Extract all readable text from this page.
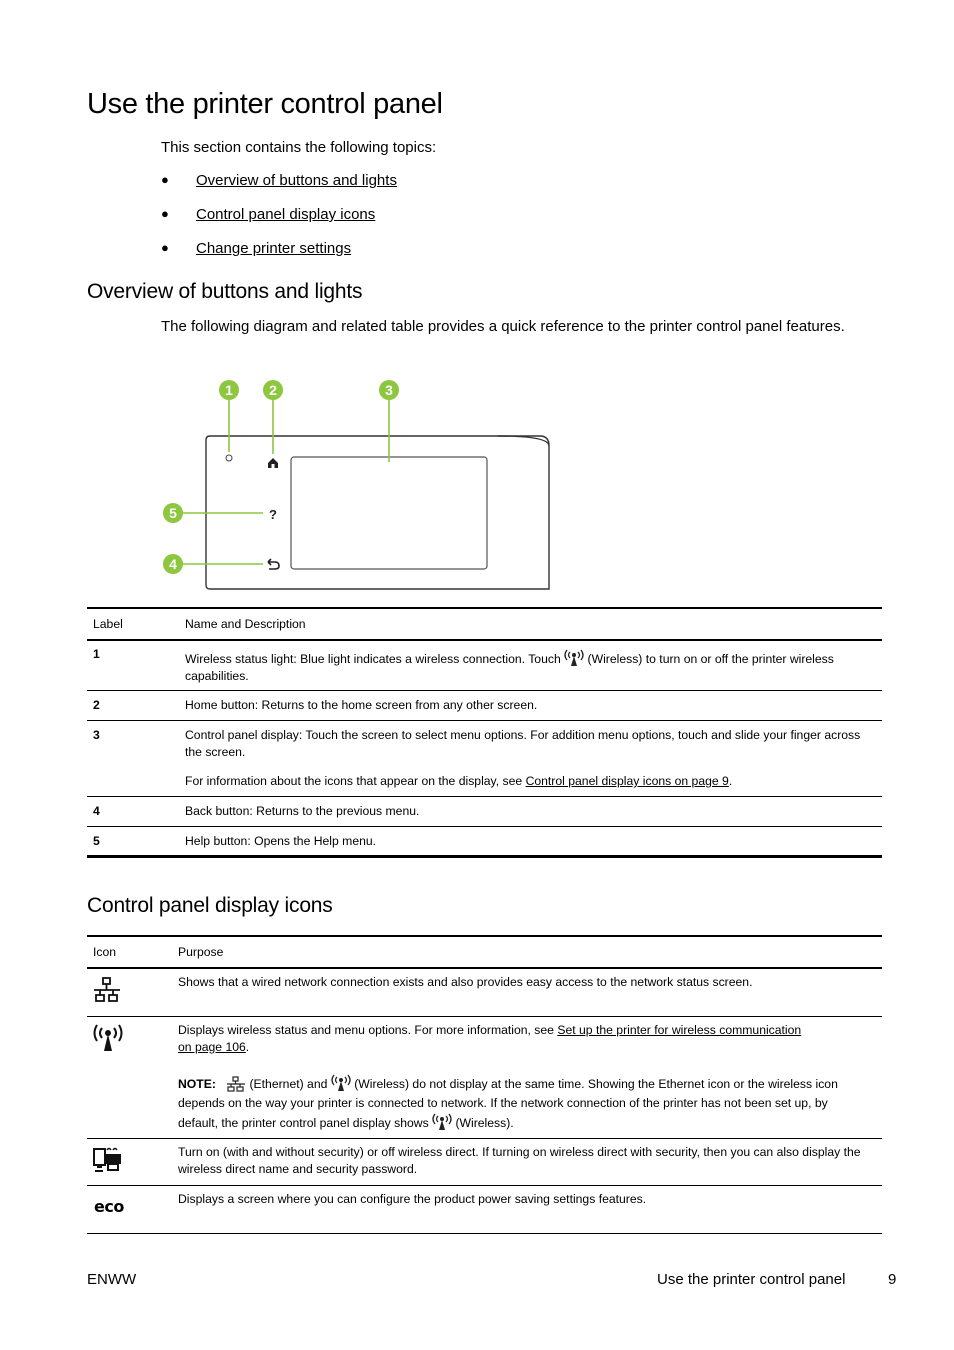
Use the printer control panel
This section contains the following topics:
● Overview of buttons and lights
● Control panel display icons
● Change printer settings
Overview of buttons and lights
The following diagram and related table provides a quick reference to the printer control panel features.
?
1	2	3
5
4
Label	Name and Description
1	Wireless status light: Blue light indicates a wireless connection. Touch (Wireless) to turn on or off the printer wireless capabilities.
2	Home button: Returns to the home screen from any other screen.
3	Control panel display: Touch the screen to select menu options. For addition menu options, touch and slide your finger across the screen.
For information about the icons that appear on the display, see Control panel display icons on page 9.
4	Back button: Returns to the previous menu.
5	Help button: Opens the Help menu.
Control panel display icons
Icon	Purpose
Shows that a wired network connection exists and also provides easy access to the network status screen.
Displays wireless status and menu options. For more information, see Set up the printer for wireless communication
on page 106.
NOTE:	(Ethernet) and (Wireless) do not display at the same time. Showing the Ethernet icon or the wireless icon
depends on the way your printer is connected to network. If the network connection of the printer has not been set up, by
default, the printer control panel display shows (Wireless).
Turn on (with and without security) or off wireless direct. If turning on wireless direct with security, then you can also display the wireless direct name and security password.
eco	Displays a screen where you can configure the product power saving settings features.
ENWW	Use the printer control panel	9
